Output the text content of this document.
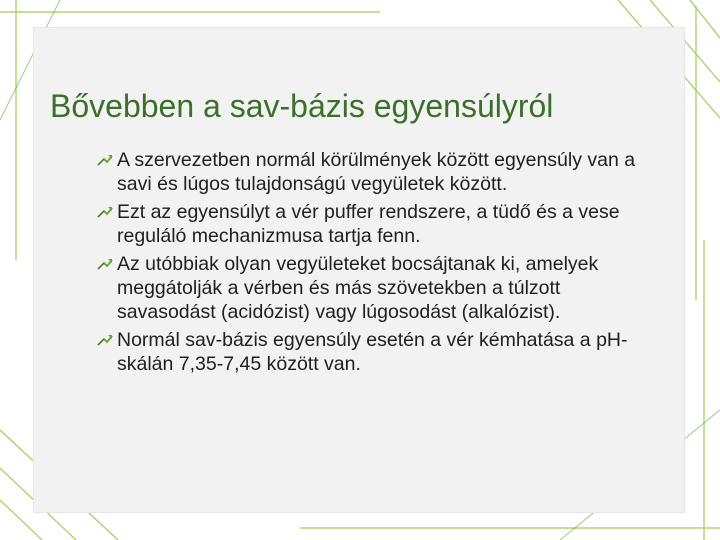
Bővebben a sav-bázis egyensúlyról
A szervezetben normál körülmények között egyensúly van a savi és lúgos tulajdonságú vegyületek között.
Ezt az egyensúlyt a vér puffer rendszere, a tüdő és a vese reguláló mechanizmusa tartja fenn.
Az utóbbiak olyan vegyületeket bocsájtanak ki, amelyek meggátolják a vérben és más szövetekben a túlzott savasodást (acidózist) vagy lúgosodást (alkalózist).
Normál sav-bázis egyensúly esetén a vér kémhatása a pH-skálán 7,35-7,45 között van.
